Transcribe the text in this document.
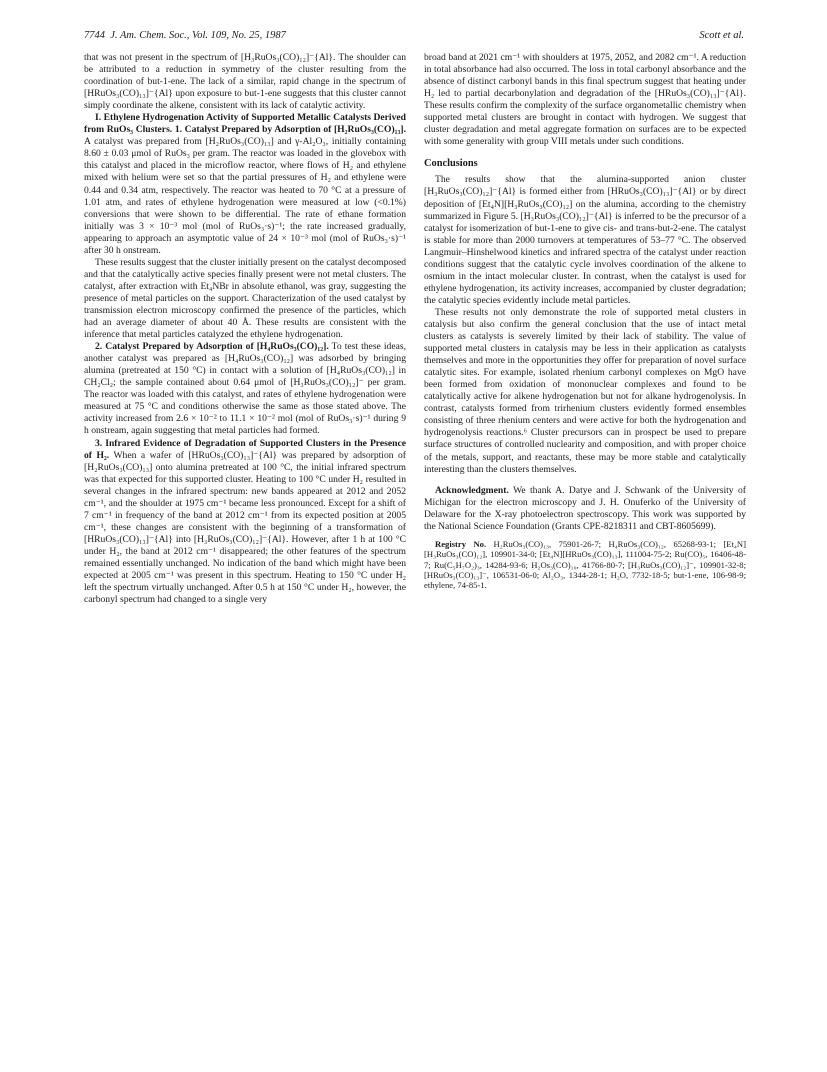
7744 J. Am. Chem. Soc., Vol. 109, No. 25, 1987	Scott et al.

that was not present in the spectrum of [H₃RuOs₃(CO)₁₂]⁻{Al}. The shoulder can be attributed to a reduction in symmetry of the cluster resulting from the coordination of but-1-ene. The lack of a similar, rapid change in the spectrum of [HRuOs₃(CO)₁₃]⁻{Al} upon exposure to but-1-ene suggests that this cluster cannot simply coordinate the alkene, consistent with its lack of catalytic activity.

I. Ethylene Hydrogenation Activity of Supported Metallic Catalysts Derived from RuOs₃ Clusters. 1. Catalyst Prepared by Adsorption of [H₂RuOs₃(CO)₁₃]. A catalyst was prepared from [H₂RuOs₃(CO)₁₃] and γ-Al₂O₃, initially containing 8.60 ± 0.03 μmol of RuOs₃ per gram. The reactor was loaded in the glovebox with this catalyst and placed in the microflow reactor, where flows of H₂ and ethylene mixed with helium were set so that the partial pressures of H₂ and ethylene were 0.44 and 0.34 atm, respectively. The reactor was heated to 70 °C at a pressure of 1.01 atm, and rates of ethylene hydrogenation were measured at low (<0.1%) conversions that were shown to be differential. The rate of ethane formation initially was 3 × 10⁻³ mol (mol of RuOs₃·s)⁻¹; the rate increased gradually, appearing to approach an asymptotic value of 24 × 10⁻³ mol (mol of RuOs₃·s)⁻¹ after 30 h onstream.

These results suggest that the cluster initially present on the catalyst decomposed and that the catalytically active species finally present were not metal clusters. The catalyst, after extraction with Et₄NBr in absolute ethanol, was gray, suggesting the presence of metal particles on the support. Characterization of the used catalyst by transmission electron microscopy confirmed the presence of the particles, which had an average diameter of about 40 Å. These results are consistent with the inference that metal particles catalyzed the ethylene hydrogenation.

2. Catalyst Prepared by Adsorption of [H₄RuOs₃(CO)₁₂]. To test these ideas, another catalyst was prepared as [H₄RuOs₃(CO)₁₂] was adsorbed by bringing alumina (pretreated at 150 °C) in contact with a solution of [H₄RuOs₃(CO)₁₂] in CH₂Cl₂; the sample contained about 0.64 μmol of [H₃RuOs₃(CO)₁₂]⁻ per gram. The reactor was loaded with this catalyst, and rates of ethylene hydrogenation were measured at 75 °C and conditions otherwise the same as those stated above. The activity increased from 2.6 × 10⁻² to 11.1 × 10⁻² mol (mol of RuOs₃·s)⁻¹ during 9 h onstream, again suggesting that metal particles had formed.

3. Infrared Evidence of Degradation of Supported Clusters in the Presence of H₂. When a wafer of [HRuOs₃(CO)₁₃]⁻{Al} was prepared by adsorption of [H₂RuOs₃(CO)₁₃] onto alumina pretreated at 100 °C, the initial infrared spectrum was that expected for this supported cluster. Heating to 100 °C under H₂ resulted in several changes in the infrared spectrum: new bands appeared at 2012 and 2052 cm⁻¹, and the shoulder at 1975 cm⁻¹ became less pronounced. Except for a shift of 7 cm⁻¹ in frequency of the band at 2012 cm⁻¹ from its expected position at 2005 cm⁻¹, these changes are consistent with the beginning of a transformation of [HRuOs₃(CO)₁₃]⁻{Al} into [H₃RuOs₃(CO)₁₂]⁻{Al}. However, after 1 h at 100 °C under H₂, the band at 2012 cm⁻¹ disappeared; the other features of the spectrum remained essentially unchanged. No indication of the band which might have been expected at 2005 cm⁻¹ was present in this spectrum. Heating to 150 °C under H₂ left the spectrum virtually unchanged. After 0.5 h at 150 °C under H₂, however, the carbonyl spectrum had changed to a single very

broad band at 2021 cm⁻¹ with shoulders at 1975, 2052, and 2082 cm⁻¹. A reduction in total absorbance had also occurred. The loss in total carbonyl absorbance and the absence of distinct carbonyl bands in this final spectrum suggest that heating under H₂ led to partial decarbonylation and degradation of the [HRuOs₃(CO)₁₃]⁻{Al}. These results confirm the complexity of the surface organometallic chemistry when supported metal clusters are brought in contact with hydrogen. We suggest that cluster degradation and metal aggregate formation on surfaces are to be expected with some generality with group VIII metals under such conditions.

Conclusions

The results show that the alumina-supported anion cluster [H₃RuOs₃(CO)₁₂]⁻{Al} is formed either from [HRuOs₃(CO)₁₃]⁻{Al} or by direct deposition of [Et₄N][H₃RuOs₃(CO)₁₂] on the alumina, according to the chemistry summarized in Figure 5. [H₃RuOs₃(CO)₁₂]⁻{Al} is inferred to be the precursor of a catalyst for isomerization of but-1-ene to give cis- and trans-but-2-ene. The catalyst is stable for more than 2000 turnovers at temperatures of 53–77 °C. The observed Langmuir–Hinshelwood kinetics and infrared spectra of the catalyst under reaction conditions suggest that the catalytic cycle involves coordination of the alkene to osmium in the intact molecular cluster. In contrast, when the catalyst is used for ethylene hydrogenation, its activity increases, accompanied by cluster degradation; the catalytic species evidently include metal particles.

These results not only demonstrate the role of supported metal clusters in catalysis but also confirm the general conclusion that the use of intact metal clusters as catalysts is severely limited by their lack of stability. The value of supported metal clusters in catalysis may be less in their application as catalysts themselves and more in the opportunities they offer for preparation of novel surface catalytic sites. For example, isolated rhenium carbonyl complexes on MgO have been formed from oxidation of mononuclear complexes and found to be catalytically active for alkene hydrogenation but not for alkane hydrogenolysis. In contrast, catalysts formed from trirhenium clusters evidently formed ensembles consisting of three rhenium centers and were active for both the hydrogenation and hydrogenolysis reactions.⁶ Cluster precursors can in prospect be used to prepare surface structures of controlled nuclearity and composition, and with proper choice of the metals, support, and reactants, these may be more stable and catalytically interesting than the clusters themselves.

Acknowledgment. We thank A. Datye and J. Schwank of the University of Michigan for the electron microscopy and J. H. Onuferko of the University of Delaware for the X-ray photoelectron spectroscopy. This work was supported by the National Science Foundation (Grants CPE-8218311 and CBT-8605699).

Registry No. H₂RuOs₃(CO)₁₃, 75901-26-7; H₄RuOs₃(CO)₁₂, 65268-93-1; [Et₄N][H₃RuOs₃(CO)₁₂], 109901-34-0; [Et₄N][HRuOs₃(CO)₁₃], 111004-75-2; Ru(CO)₅, 16406-48-7; Ru(C₅H₇O₂)₃, 14284-93-6; H₂Os₃(CO)₁₀, 41766-80-7; [H₃RuOs₃(CO)₁₂]⁻, 109901-32-8; [HRuOs₃(CO)₁₃]⁻, 106531-06-0; Al₂O₃, 1344-28-1; H₂O, 7732-18-5; but-1-ene, 106-98-9; ethylene, 74-85-1.
